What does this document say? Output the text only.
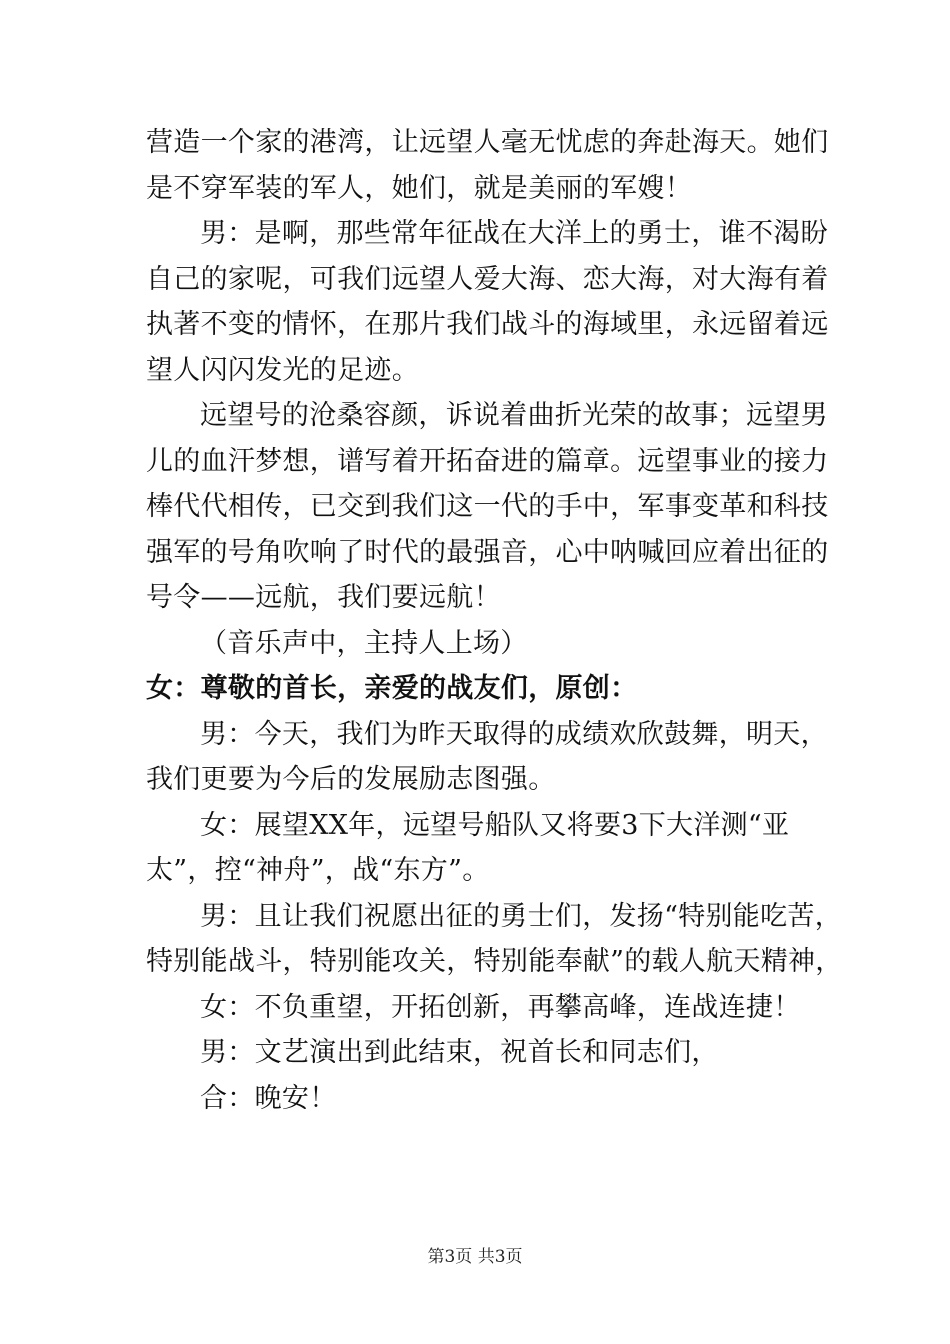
营造一个家的港湾，让远望人毫无忧虑的奔赴海天。她们

是不穿军装的军人，她们，就是美丽的军嫂！

男：是啊，那些常年征战在大洋上的勇士，谁不渴盼

自己的家呢，可我们远望人爱大海、恋大海，对大海有着

执著不变的情怀，在那片我们战斗的海域里，永远留着远

望人闪闪发光的足迹。

远望号的沧桑容颜，诉说着曲折光荣的故事；远望男

儿的血汗梦想，谱写着开拓奋进的篇章。远望事业的接力

棒代代相传，已交到我们这一代的手中，军事变革和科技

强军的号角吹响了时代的最强音，心中呐喊回应着出征的

号令——远航，我们要远航！

（音乐声中，主持人上场）

女：尊敬的首长，亲爱的战友们，原创：

男：今天，我们为昨天取得的成绩欢欣鼓舞，明天，

我们更要为今后的发展励志图强。

女：展望XX年，远望号船队又将要3下大洋测“亚

太”，控“神舟”，战“东方”。

男：且让我们祝愿出征的勇士们，发扬“特别能吃苦，

特别能战斗，特别能攻关，特别能奉献”的载人航天精神，

女：不负重望，开拓创新，再攀高峰，连战连捷！

男：文艺演出到此结束，祝首长和同志们，

合：晚安！

第3页 共3页
